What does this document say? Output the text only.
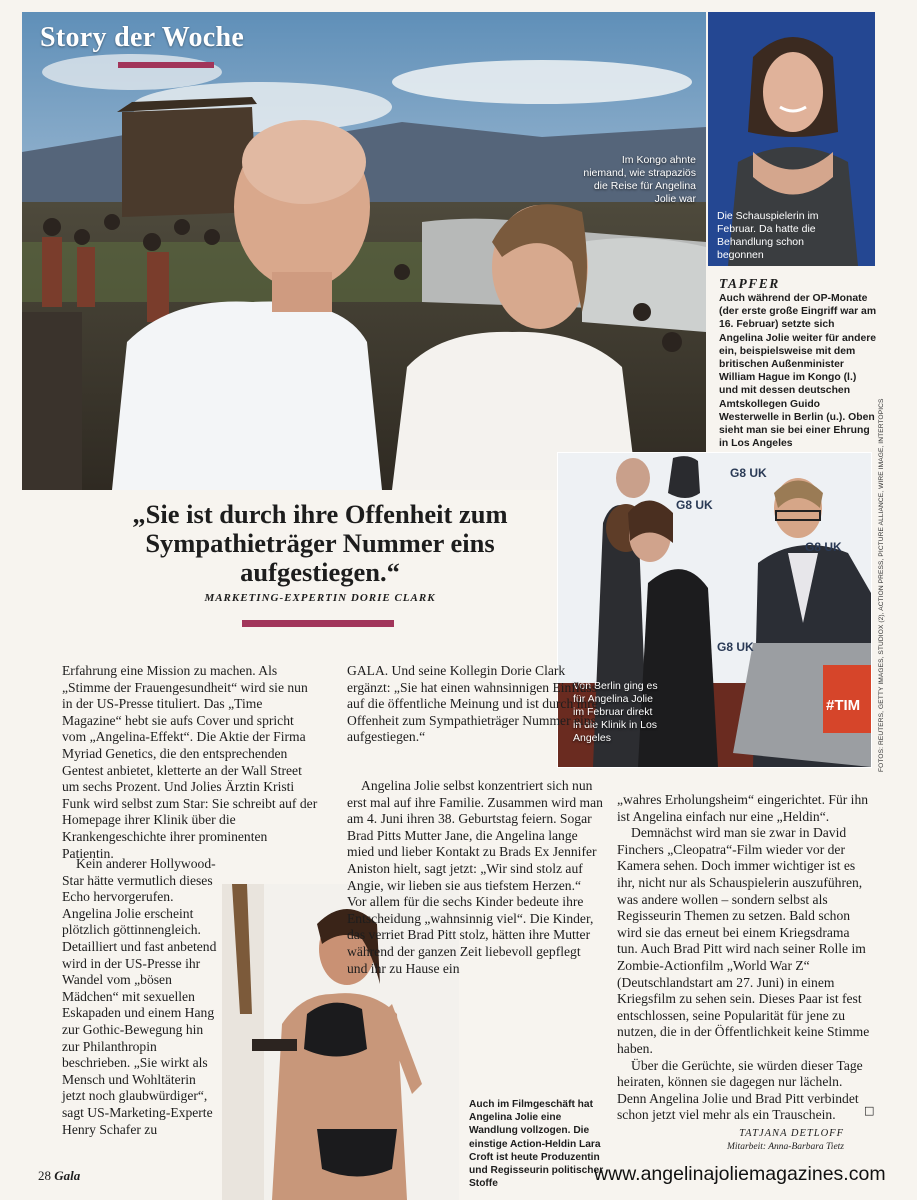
Story der Woche
Im Kongo ahnte niemand, wie strapaziös die Reise für Angelina Jolie war
Die Schauspielerin im Februar. Da hatte die Behandlung schon begonnen
TAPFER
Auch während der OP-Monate (der erste große Eingriff war am 16. Februar) setzte sich Angelina Jolie weiter für andere ein, beispielsweise mit dem britischen Außenminister William Hague im Kongo (l.) und mit dessen deutschen Amtskollegen Guido Westerwelle in Berlin (u.). Oben sieht man sie bei einer Ehrung in Los Angeles	FOTOS: REUTERS, GETTY IMAGES, STUDIOX (2), ACTION PRESS, PICTURE ALLIANCE, WIRE IMAGE, INTERTOPICS
G8 UK
G8 UK
G8 UK
G8 UK
#TIM
Von Berlin ging es für Angelina Jolie im Februar direkt in die Klinik in Los Angeles
„Sie ist durch ihre Offenheit zum Sympathieträger Nummer eins aufgestiegen.“
MARKETING-EXPERTIN DORIE CLARK
Auch im Filmgeschäft hat Angelina Jolie eine Wandlung vollzogen. Die einstige Action-Heldin Lara Croft ist heute Produzentin und Regisseurin politischer Stoffe

Erfahrung eine Mission zu machen. Als „Stimme der Frauengesundheit“ wird sie nun in der US-Presse tituliert. Das „Time Magazine“ hebt sie aufs Cover und spricht vom „Angelina-Effekt“. Die Aktie der Firma Myriad Genetics, die den entsprechenden Gentest anbietet, kletterte an der Wall Street um sechs Prozent. Und Jolies Ärztin Kristi Funk wird selbst zum Star: Sie schreibt auf der Homepage ihrer Klinik über die Krankengeschichte ihrer prominenten Patientin.

Kein anderer Hollywood-Star hätte vermutlich dieses Echo hervorgerufen. Angelina Jolie erscheint plötzlich göttinnengleich. Detailliert und fast anbetend wird in der US-Presse ihr Wandel vom „bösen Mädchen“ mit sexuellen Eskapaden und einem Hang zur Gothic-Bewegung hin zur Philanthropin beschrieben. „Sie wirkt als Mensch und Wohltäterin jetzt noch glaubwürdiger“, sagt US-Marketing-Experte Henry Schafer zu

GALA. Und seine Kollegin Dorie Clark ergänzt: „Sie hat einen wahnsinnigen Einfluss auf die öffentliche Meinung und ist durch ihre Offenheit zum Sympathieträger Nummer eins aufgestiegen.“

Angelina Jolie selbst konzentriert sich nun erst mal auf ihre Familie. Zusammen wird man am 4. Juni ihren 38. Geburtstag feiern. Sogar Brad Pitts Mutter Jane, die Angelina lange mied und lieber Kontakt zu Brads Ex Jennifer Aniston hielt, sagt jetzt: „Wir sind stolz auf Angie, wir lieben sie aus tiefstem Herzen.“ Vor allem für die sechs Kinder bedeute ihre Entscheidung „wahnsinnig viel“. Die Kinder, das verriet Brad Pitt stolz, hätten ihre Mutter während der ganzen Zeit liebevoll gepflegt und ihr zu Hause ein

„wahres Erholungsheim“ eingerichtet. Für ihn ist Angelina einfach nur eine „Heldin“.

Demnächst wird man sie zwar in David Finchers „Cleopatra“-Film wieder vor der Kamera sehen. Doch immer wichtiger ist es ihr, nicht nur als Schauspielerin auszuführen, was andere wollen – sondern selbst als Regisseurin Themen zu setzen. Bald schon wird sie das erneut bei einem Kriegsdrama tun. Auch Brad Pitt wird nach seiner Rolle im Zombie-Actionfilm „World War Z“ (Deutschlandstart am 27. Juni) in einem Kriegsfilm zu sehen sein. Dieses Paar ist fest entschlossen, seine Popularität für jene zu nutzen, die in der Öffentlichkeit keine Stimme haben.

Über die Gerüchte, sie würden dieser Tage heiraten, können sie dagegen nur lächeln. Denn Angelina Jolie und Brad Pitt verbindet schon jetzt viel mehr als ein Trauschein.	□
TATJANA DETLOFF
Mitarbeit: Anna-Barbara Tietz
28 Gala	www.angelinajoliemagazines.com
